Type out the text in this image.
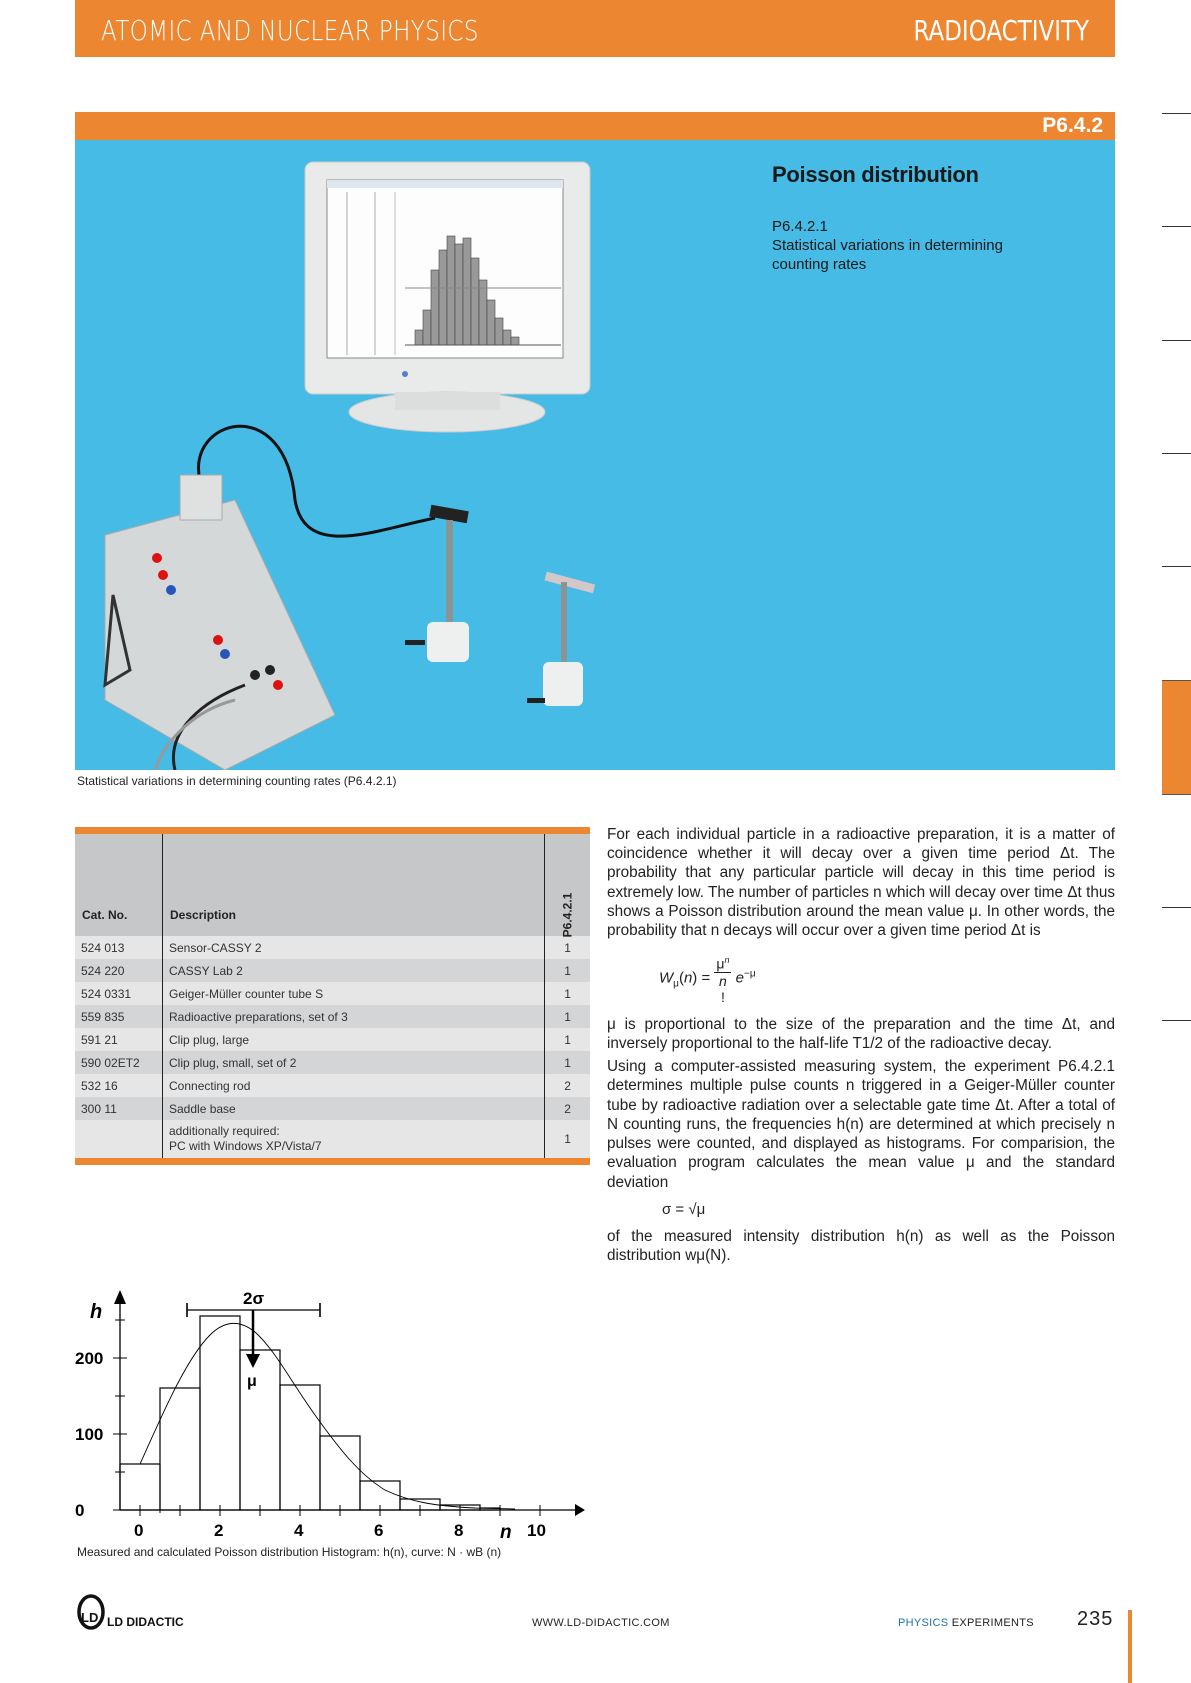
ATOMIC AND NUCLEAR PHYSICS	RADIOACTIVITY
P6.4.2
Poisson distribution
P6.4.2.1
Statistical variations in determining counting rates
Statistical variations in determining counting rates (P6.4.2.1)
Cat. No.	Description	P6.4.2.1
524 013	Sensor-CASSY 2	1
524 220	CASSY Lab 2	1
524 0331	Geiger-Müller counter tube S	1
559 835	Radioactive preparations, set of 3	1
591 21	Clip plug, large	1
590 02ET2	Clip plug, small, set of 2	1
532 16	Connecting rod	2
300 11	Saddle base	2

	additionally required:
PC with Windows XP/Vista/7	1

For each individual particle in a radioactive preparation, it is a matter of coincidence whether it will decay over a given time period Δt. The probability that any particular particle will decay in this time period is extremely low. The number of particles n which will decay over time Δt thus shows a Poisson distribution around the mean value μ. In other words, the probability that n decays will occur over a given time period Δt is

$W_\mu(n)$ =
$\mu^n$
n
! $e^{-\mu}$

μ is proportional to the size of the preparation and the time Δt, and inversely proportional to the half-life T1/2 of the radioactive decay.

Using a computer-assisted measuring system, the experiment P6.4.2.1 determines multiple pulse counts n triggered in a Geiger-Müller counter tube by radioactive radiation over a selectable gate time Δt. After a total of N counting runs, the frequencies h(n) are determined at which precisely n pulses were counted, and displayed as histograms. For comparision, the evaluation program calculates the mean value μ and the standard deviation

σ = √μ

of the measured intensity distribution h(n) as well as the Poisson distribution wμ(N).

h
0
100
200
0	2	4	6	8 n 10
2σ
μ
Measured and calculated Poisson distribution Histogram: h(n), curve: N · wB (n)
LD LD DIDACTIC	WWW.LD-DIDACTIC.COM	PHYSICS EXPERIMENTS 235
